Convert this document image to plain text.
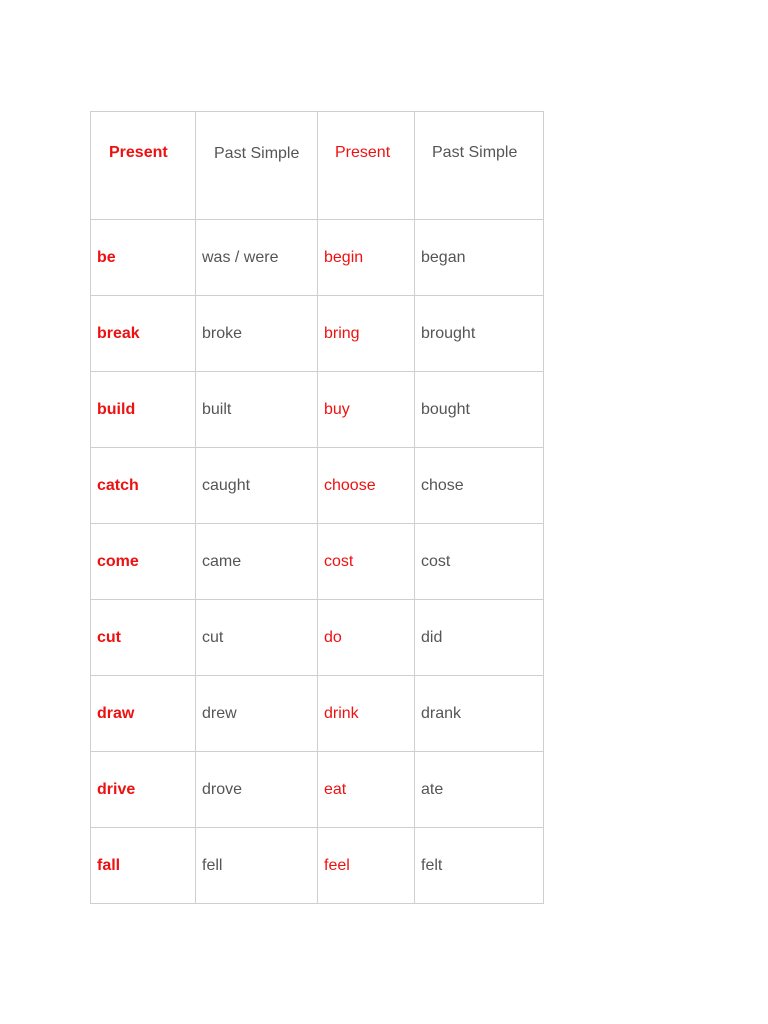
Present	Past Simple	Present	Past Simple
be	was / were	begin	began
break	broke	bring	brought
build	built	buy	bought
catch	caught	choose	chose
come	came	cost	cost
cut	cut	do	did
draw	drew	drink	drank
drive	drove	eat	ate
fall	fell	feel	felt
